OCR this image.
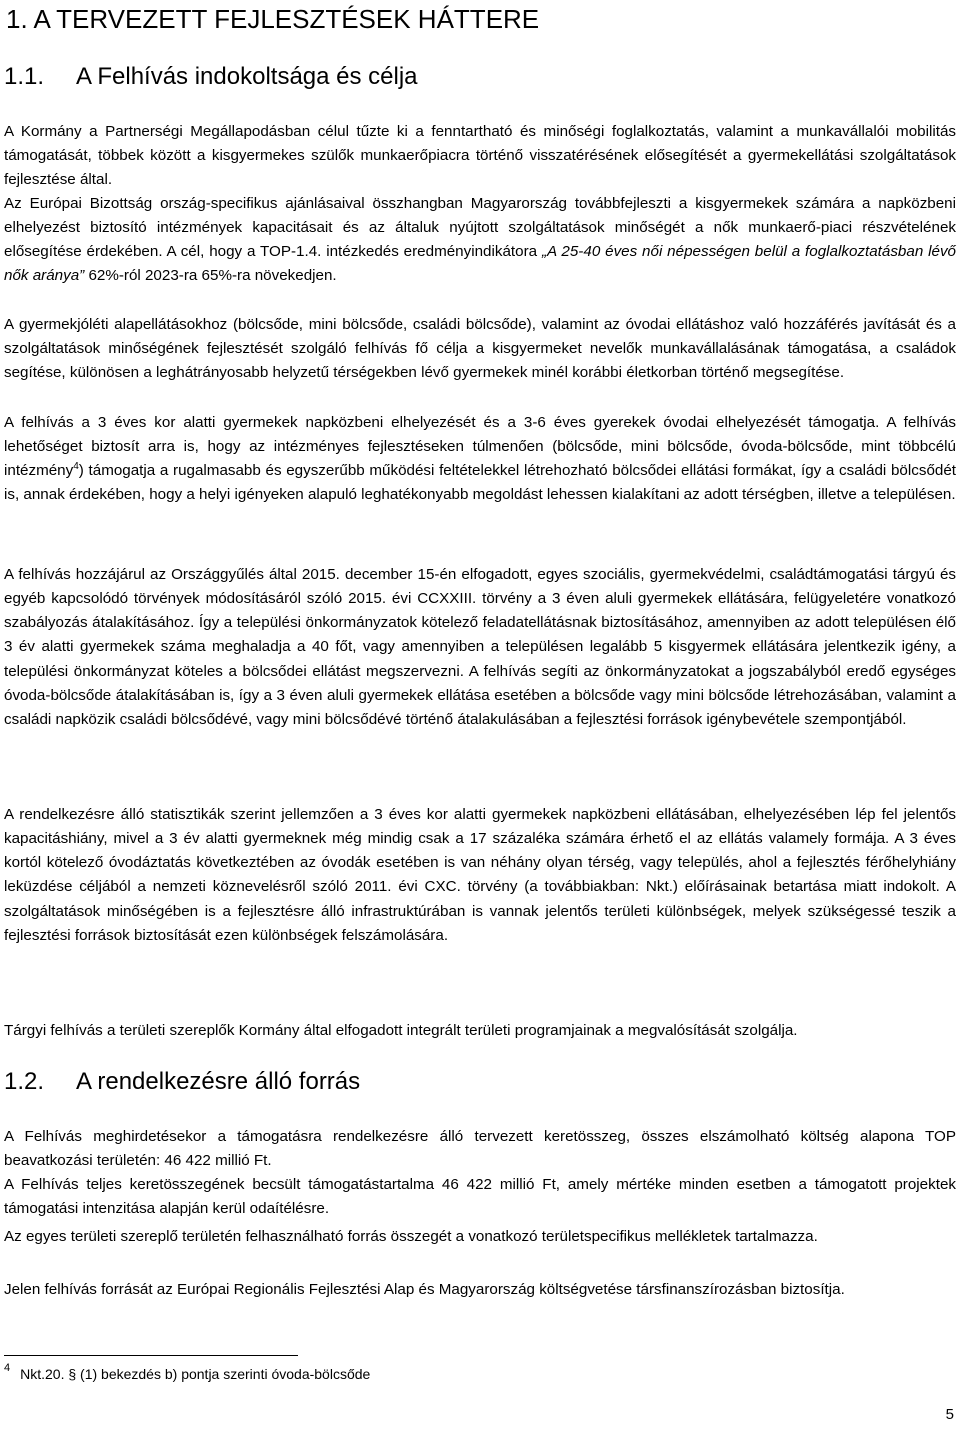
1. A TERVEZETT FEJLESZTÉSEK HÁTTERE
1.1. A Felhívás indokoltsága és célja

A Kormány a Partnerségi Megállapodásban célul tűzte ki a fenntartható és minőségi foglalkoztatás, valamint a munkavállalói mobilitás támogatását, többek között a kisgyermekes szülők munkaerőpiacra történő visszatérésének elősegítését a gyermekellátási szolgáltatások fejlesztése által.

Az Európai Bizottság ország-specifikus ajánlásaival összhangban Magyarország továbbfejleszti a kisgyermekek számára a napközbeni elhelyezést biztosító intézmények kapacitásait és az általuk nyújtott szolgáltatások minőségét a nők munkaerő-piaci részvételének elősegítése érdekében. A cél, hogy a TOP-1.4. intézkedés eredményindikátora „A 25-40 éves női népességen belül a foglalkoztatásban lévő nők aránya” 62%-ról 2023-ra 65%-ra növekedjen.

A gyermekjóléti alapellátásokhoz (bölcsőde, mini bölcsőde, családi bölcsőde), valamint az óvodai ellátáshoz való hozzáférés javítását és a szolgáltatások minőségének fejlesztését szolgáló felhívás fő célja a kisgyermeket nevelők munkavállalásának támogatása, a családok segítése, különösen a leghátrányosabb helyzetű térségekben lévő gyermekek minél korábbi életkorban történő megsegítése.

A felhívás a 3 éves kor alatti gyermekek napközbeni elhelyezését és a 3-6 éves gyerekek óvodai elhelyezését támogatja. A felhívás lehetőséget biztosít arra is, hogy az intézményes fejlesztéseken túlmenően (bölcsőde, mini bölcsőde, óvoda-bölcsőde, mint többcélú intézmény$^4$) támogatja a rugalmasabb és egyszerűbb működési feltételekkel létrehozható bölcsődei ellátási formákat, így a családi bölcsődét is, annak érdekében, hogy a helyi igényeken alapuló leghatékonyabb megoldást lehessen kialakítani az adott térségben, illetve a településen.

A felhívás hozzájárul az Országgyűlés által 2015. december 15-én elfogadott, egyes szociális, gyermekvédelmi, családtámogatási tárgyú és egyéb kapcsolódó törvények módosításáról szóló 2015. évi CCXXIII. törvény a 3 éven aluli gyermekek ellátására, felügyeletére vonatkozó szabályozás átalakításához. Így a települési önkormányzatok kötelező feladatellátásnak biztosításához, amennyiben az adott településen élő 3 év alatti gyermekek száma meghaladja a 40 főt, vagy amennyiben a településen legalább 5 kisgyermek ellátására jelentkezik igény, a települési önkormányzat köteles a bölcsődei ellátást megszervezni. A felhívás segíti az önkormányzatokat a jogszabályból eredő egységes óvoda-bölcsőde átalakításában is, így a 3 éven aluli gyermekek ellátása esetében a bölcsőde vagy mini bölcsőde létrehozásában, valamint a családi napközik családi bölcsődévé, vagy mini bölcsődévé történő átalakulásában a fejlesztési források igénybevétele szempontjából.

A rendelkezésre álló statisztikák szerint jellemzően a 3 éves kor alatti gyermekek napközbeni ellátásában, elhelyezésében lép fel jelentős kapacitáshiány, mivel a 3 év alatti gyermeknek még mindig csak a 17 százaléka számára érhető el az ellátás valamely formája. A 3 éves kortól kötelező óvodáztatás következtében az óvodák esetében is van néhány olyan térség, vagy település, ahol a fejlesztés férőhelyhiány leküzdése céljából a nemzeti köznevelésről szóló 2011. évi CXC. törvény (a továbbiakban: Nkt.) előírásainak betartása miatt indokolt. A szolgáltatások minőségében is a fejlesztésre álló infrastruktúrában is vannak jelentős területi különbségek, melyek szükségessé teszik a fejlesztési források biztosítását ezen különbségek felszámolására.

Tárgyi felhívás a területi szereplők Kormány által elfogadott integrált területi programjainak a megvalósítását szolgálja.

1.2. A rendelkezésre álló forrás

A Felhívás meghirdetésekor a támogatásra rendelkezésre álló tervezett keretösszeg, összes elszámolható költség alapona TOP beavatkozási területén: 46 422 millió Ft.

A Felhívás teljes keretösszegének becsült támogatástartalma 46 422 millió Ft, amely mértéke minden esetben a támogatott projektek támogatási intenzitása alapján kerül odaítélésre.

Az egyes területi szereplő területén felhasználható forrás összegét a vonatkozó területspecifikus mellékletek tartalmazza.

Jelen felhívás forrását az Európai Regionális Fejlesztési Alap és Magyarország költségvetése társfinanszírozásban biztosítja.

$^4$ Nkt.20. § (1) bekezdés b) pontja szerinti óvoda-bölcsőde
5
